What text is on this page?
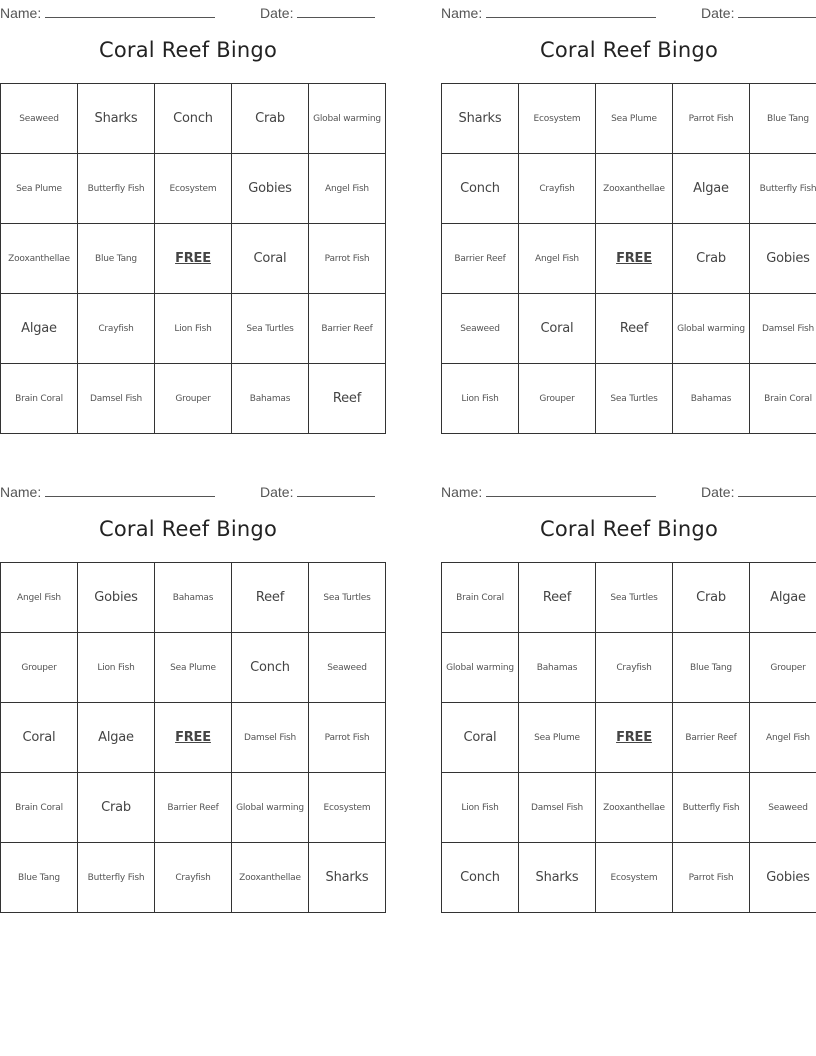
Name:	Date:
Coral Reef Bingo
Seaweed	Sharks	Conch	Crab	Global warming
Sea Plume	Butterfly Fish	Ecosystem	Gobies	Angel Fish
Zooxanthellae	Blue Tang	FREE	Coral	Parrot Fish
Algae	Crayfish	Lion Fish	Sea Turtles	Barrier Reef
Brain Coral	Damsel Fish	Grouper	Bahamas	Reef
Name:	Date:
Coral Reef Bingo
Sharks	Ecosystem	Sea Plume	Parrot Fish	Blue Tang
Conch	Crayfish	Zooxanthellae	Algae	Butterfly Fish
Barrier Reef	Angel Fish	FREE	Crab	Gobies
Seaweed	Coral	Reef	Global warming	Damsel Fish
Lion Fish	Grouper	Sea Turtles	Bahamas	Brain Coral
Name:	Date:
Coral Reef Bingo
Angel Fish	Gobies	Bahamas	Reef	Sea Turtles
Grouper	Lion Fish	Sea Plume	Conch	Seaweed
Coral	Algae	FREE	Damsel Fish	Parrot Fish
Brain Coral	Crab	Barrier Reef	Global warming	Ecosystem
Blue Tang	Butterfly Fish	Crayfish	Zooxanthellae	Sharks
Name:	Date:
Coral Reef Bingo
Brain Coral	Reef	Sea Turtles	Crab	Algae
Global warming	Bahamas	Crayfish	Blue Tang	Grouper
Coral	Sea Plume	FREE	Barrier Reef	Angel Fish
Lion Fish	Damsel Fish	Zooxanthellae	Butterfly Fish	Seaweed
Conch	Sharks	Ecosystem	Parrot Fish	Gobies
